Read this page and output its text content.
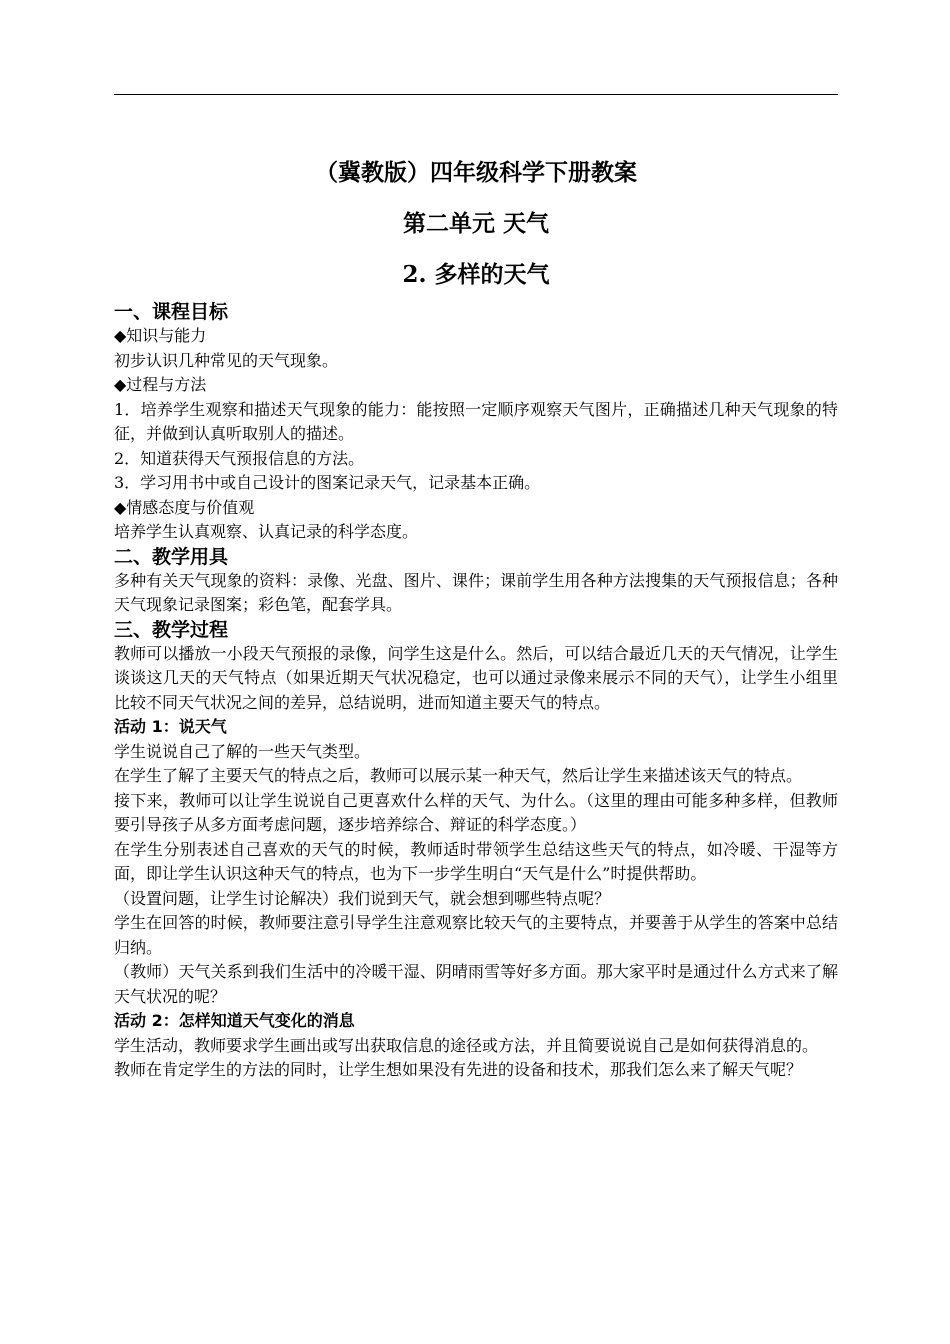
（冀教版）四年级科学下册教案
第二单元 天气
2. 多样的天气
一、课程目标

◆知识与能力

初步认识几种常见的天气现象。

◆过程与方法

1．培养学生观察和描述天气现象的能力：能按照一定顺序观察天气图片，正确描述几种天气现象的特征，并做到认真听取别人的描述。

2．知道获得天气预报信息的方法。

3．学习用书中或自己设计的图案记录天气，记录基本正确。

◆情感态度与价值观

培养学生认真观察、认真记录的科学态度。

二、教学用具

多种有关天气现象的资料：录像、光盘、图片、课件；课前学生用各种方法搜集的天气预报信息；各种天气现象记录图案；彩色笔，配套学具。

三、教学过程

教师可以播放一小段天气预报的录像，问学生这是什么。然后，可以结合最近几天的天气情况，让学生谈谈这几天的天气特点（如果近期天气状况稳定，也可以通过录像来展示不同的天气），让学生小组里比较不同天气状况之间的差异，总结说明，进而知道主要天气的特点。

活动 1：说天气

学生说说自己了解的一些天气类型。

在学生了解了主要天气的特点之后，教师可以展示某一种天气，然后让学生来描述该天气的特点。

接下来，教师可以让学生说说自己更喜欢什么样的天气、为什么。（这里的理由可能多种多样，但教师要引导孩子从多方面考虑问题，逐步培养综合、辩证的科学态度。）

在学生分别表述自己喜欢的天气的时候，教师适时带领学生总结这些天气的特点，如冷暖、干湿等方面，即让学生认识这种天气的特点，也为下一步学生明白“天气是什么”时提供帮助。

（设置问题，让学生讨论解决）我们说到天气，就会想到哪些特点呢？

学生在回答的时候，教师要注意引导学生注意观察比较天气的主要特点，并要善于从学生的答案中总结归纳。

（教师）天气关系到我们生活中的冷暖干湿、阴晴雨雪等好多方面。那大家平时是通过什么方式来了解天气状况的呢？

活动 2：怎样知道天气变化的消息

学生活动，教师要求学生画出或写出获取信息的途径或方法，并且简要说说自己是如何获得消息的。

教师在肯定学生的方法的同时，让学生想如果没有先进的设备和技术，那我们怎么来了解天气呢？
